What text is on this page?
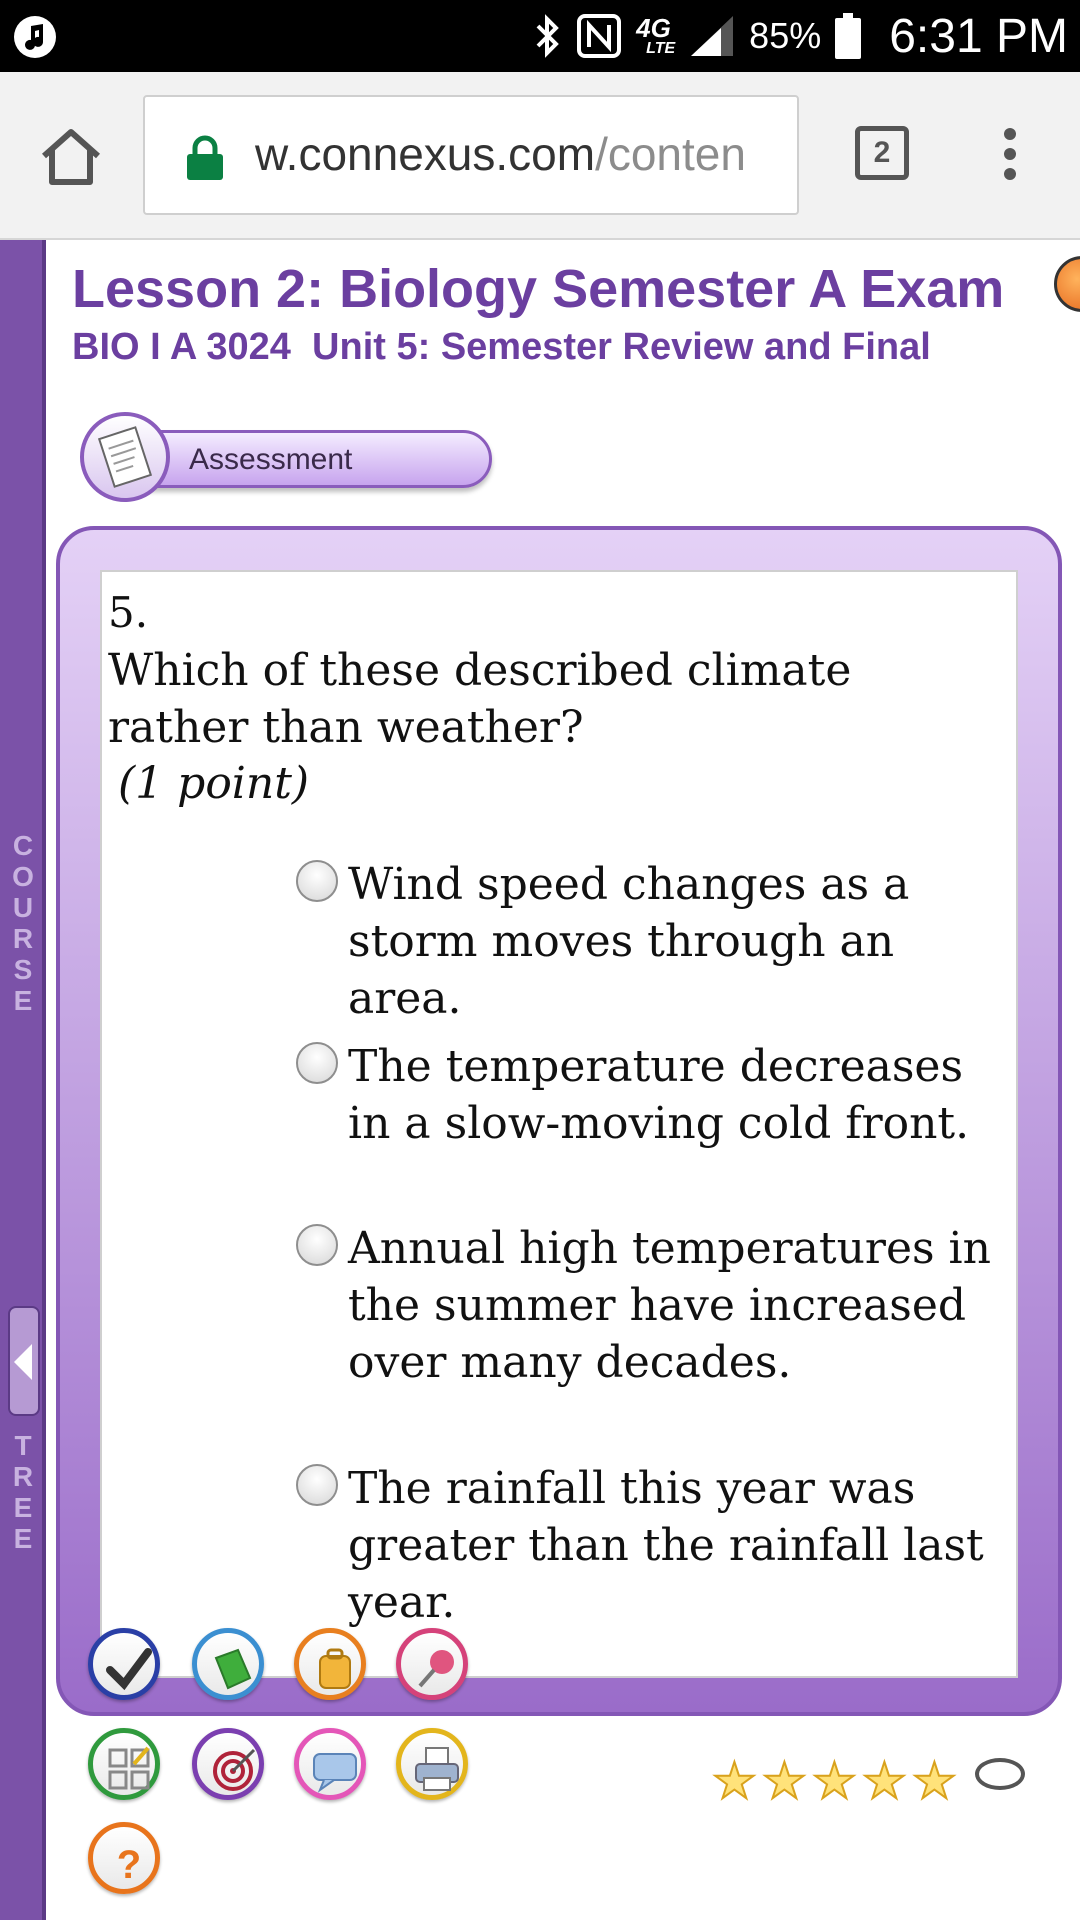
4G
LTE 85% 6:31 PM
w.connexus.com/conten	2
C
O
U
R
S
E
T
R
E
E
Lesson 2: Biology Semester A Exam
BIO I A 3024  Unit 5: Semester Review and Final
Assessment
5.
Which of these described climate rather than weather?
(1 point)
Wind speed changes as a storm moves through an area.
The temperature decreases in a slow-moving cold front.
Annual high temperatures in the summer have increased over many decades.
The rainfall this year was greater than the rainfall last year.
?
★ ★ ★ ★ ★
